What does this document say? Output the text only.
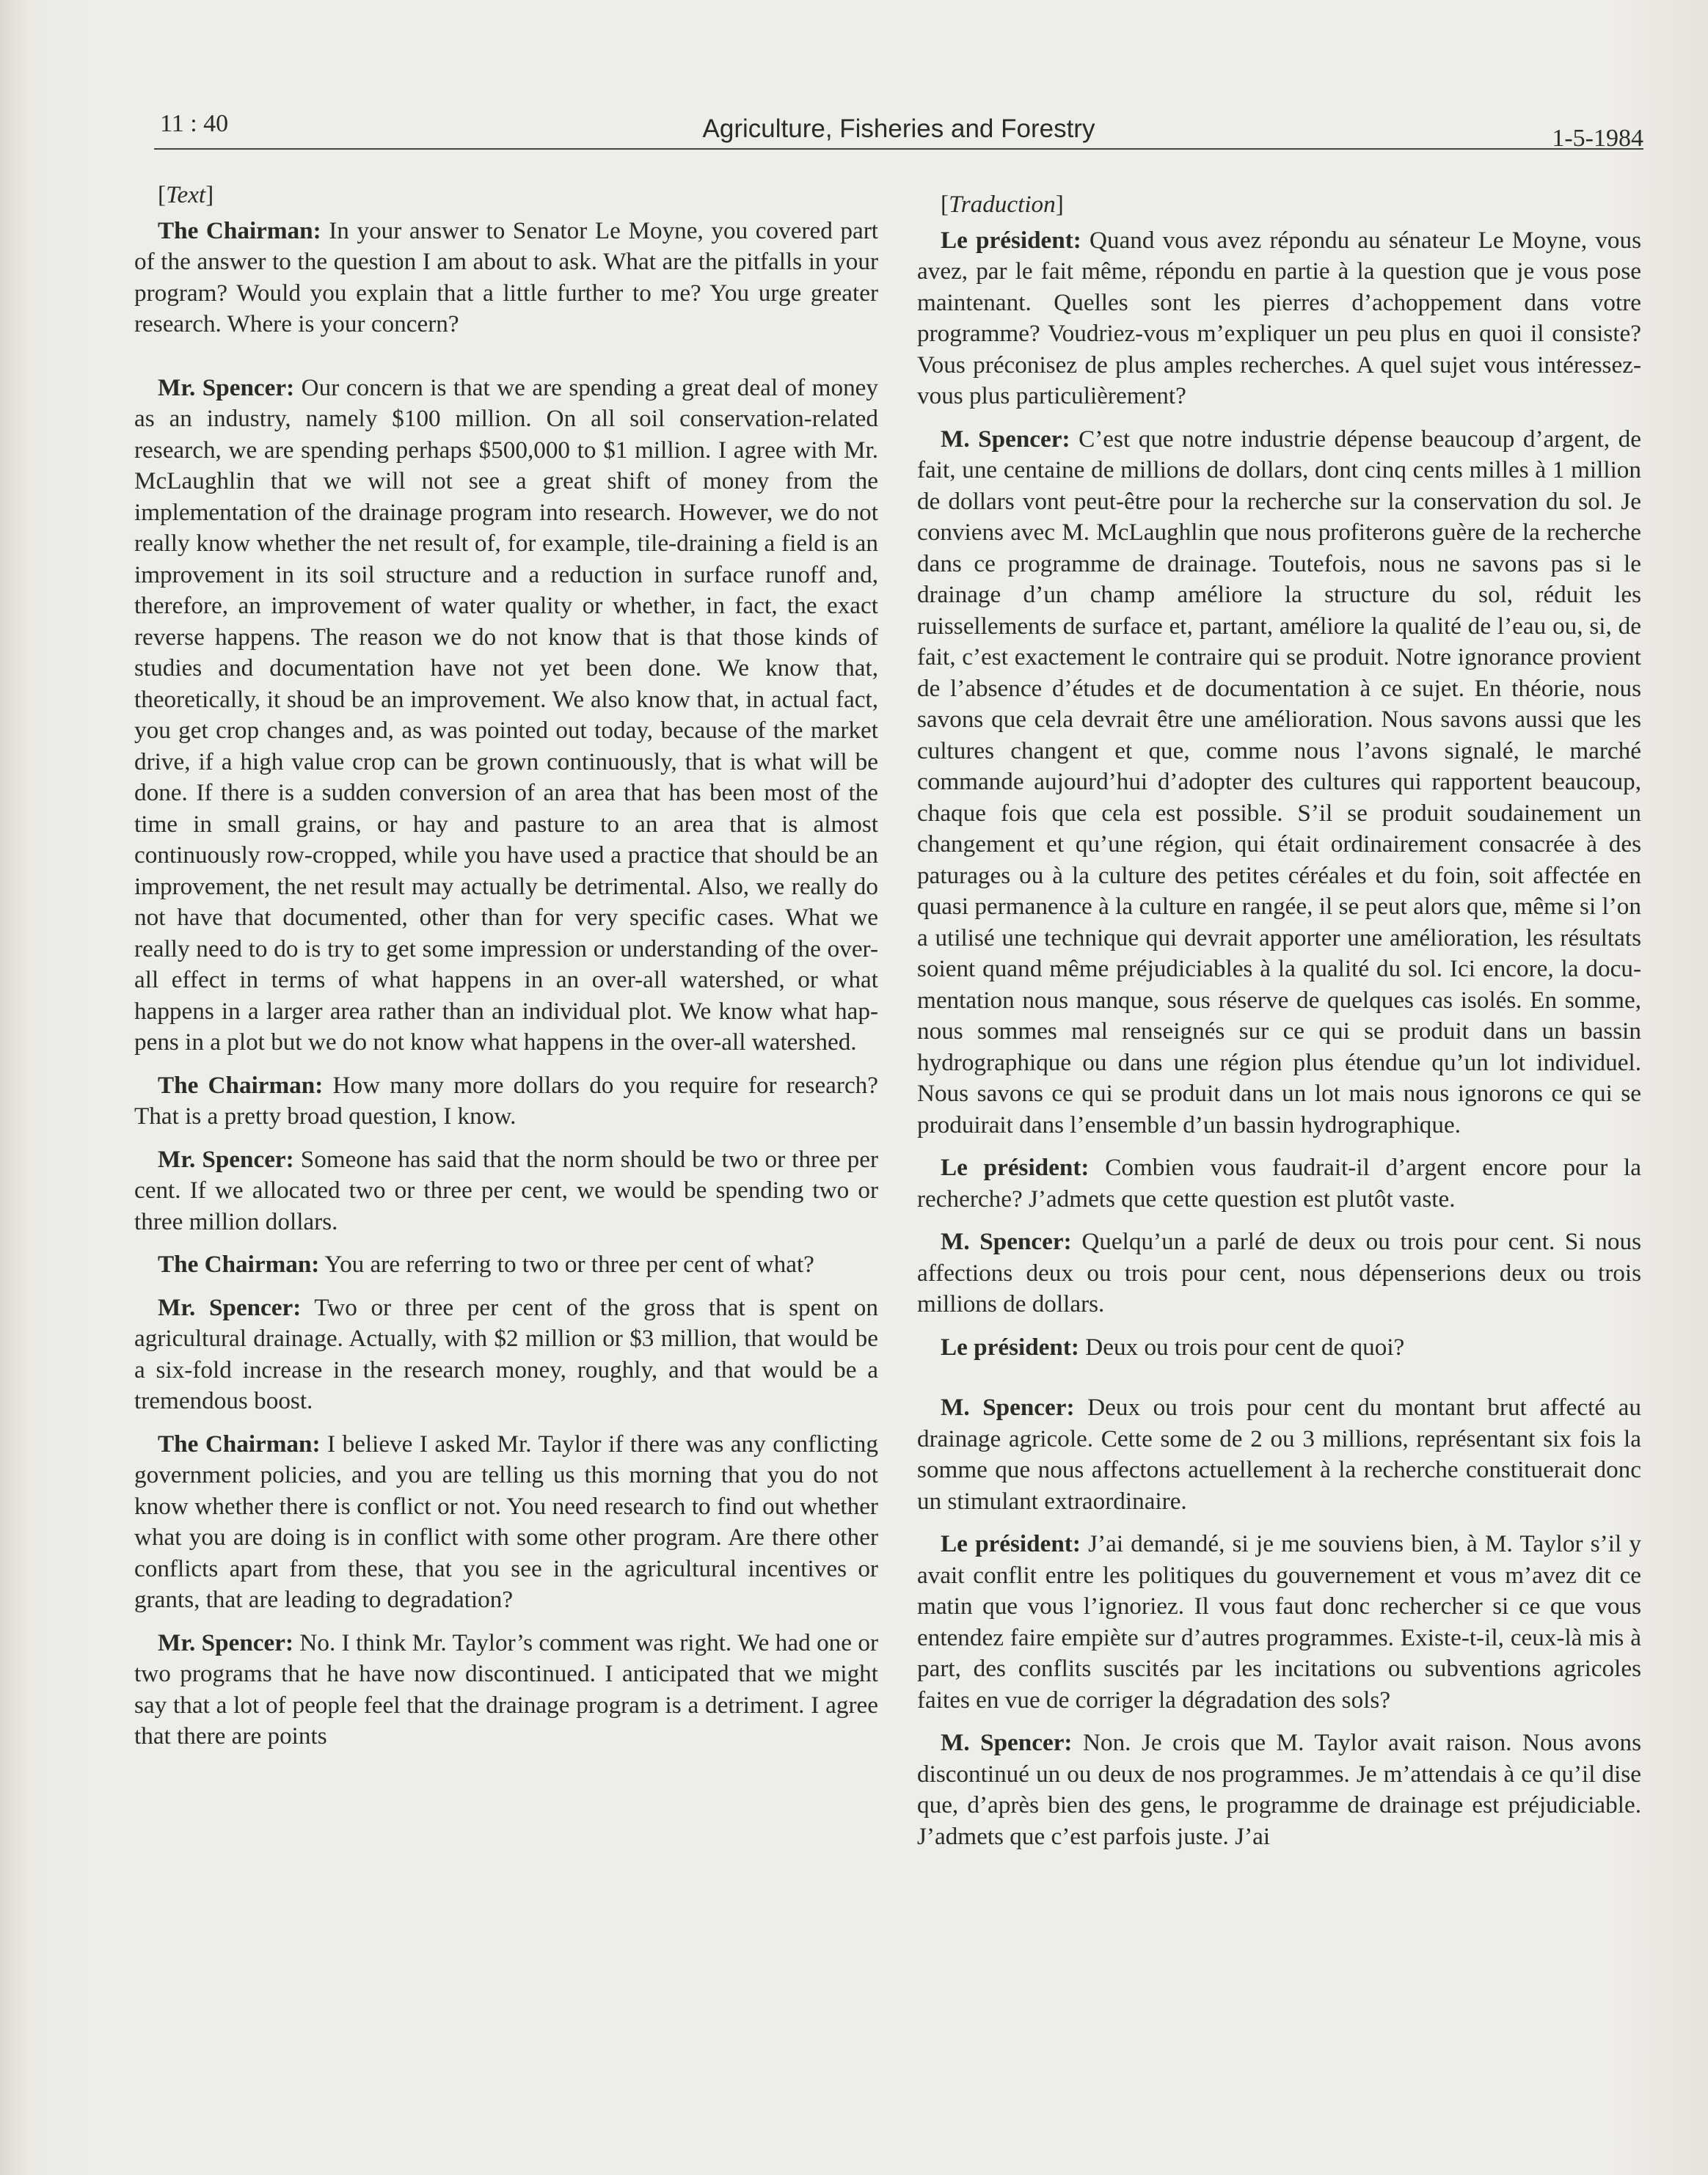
11 : 40	Agriculture, Fisheries and Forestry	1-5-1984
[Text]

The Chairman: In your answer to Senator Le Moyne, you covered part of the answer to the question I am about to ask. What are the pitfalls in your program? Would you explain that a little further to me? You urge greater research. Where is your concern?

Mr. Spencer: Our concern is that we are spending a great deal of money as an industry, namely $100 million. On all soil conservation-related research, we are spending perhaps $500,000 to $1 million. I agree with Mr. McLaughlin that we will not see a great shift of money from the implementation of the drainage program into research. However, we do not really know whether the net result of, for example, tile-draining a field is an improvement in its soil structure and a reduction in surface runoff and, therefore, an improvement of water quality or whether, in fact, the exact reverse happens. The reason we do not know that is that those kinds of studies and documentation have not yet been done. We know that, theoretically, it shoud be an improvement. We also know that, in actual fact, you get crop changes and, as was pointed out today, because of the market drive, if a high value crop can be grown continuously, that is what will be done. If there is a sudden conversion of an area that has been most of the time in small grains, or hay and pasture to an area that is almost continuously row-cropped, while you have used a practice that should be an improvement, the net result may actually be detrimental. Also, we really do not have that documented, other than for very specific cases. What we really need to do is try to get some impression or understanding of the over-all effect in terms of what happens in an over-all watershed, or what happens in a larger area rather than an individual plot. We know what happens in a plot but we do not know what happens in the over-all watershed.

The Chairman: How many more dollars do you require for research? That is a pretty broad question, I know.

Mr. Spencer: Someone has said that the norm should be two or three per cent. If we allocated two or three per cent, we would be spending two or three million dollars.

The Chairman: You are referring to two or three per cent of what?

Mr. Spencer: Two or three per cent of the gross that is spent on agricultural drainage. Actually, with $2 million or $3 million, that would be a six-fold increase in the research money, roughly, and that would be a tremendous boost.

The Chairman: I believe I asked Mr. Taylor if there was any conflicting government policies, and you are telling us this morning that you do not know whether there is conflict or not. You need research to find out whether what you are doing is in conflict with some other program. Are there other conflicts apart from these, that you see in the agricultural incentives or grants, that are leading to degradation?

Mr. Spencer: No. I think Mr. Taylor’s comment was right. We had one or two programs that he have now discontinued. I anticipated that we might say that a lot of people feel that the drainage program is a detriment. I agree that there are points

[Traduction]

Le président: Quand vous avez répondu au sénateur Le Moyne, vous avez, par le fait même, répondu en partie à la question que je vous pose maintenant. Quelles sont les pierres d’achoppement dans votre programme? Voudriez-vous m’expliquer un peu plus en quoi il consiste? Vous préconisez de plus amples recherches. A quel sujet vous intéressez-vous plus particulièrement?

M. Spencer: C’est que notre industrie dépense beaucoup d’argent, de fait, une centaine de millions de dollars, dont cinq cents milles à 1 million de dollars vont peut-être pour la recherche sur la conservation du sol. Je conviens avec M. McLaughlin que nous profiterons guère de la recherche dans ce programme de drainage. Toutefois, nous ne savons pas si le drainage d’un champ améliore la structure du sol, réduit les ruissellements de surface et, partant, améliore la qualité de l’eau ou, si, de fait, c’est exactement le contraire qui se produit. Notre ignorance provient de l’absence d’études et de documentation à ce sujet. En théorie, nous savons que cela devrait être une amélioration. Nous savons aussi que les cultures changent et que, comme nous l’avons signalé, le marché commande aujourd’hui d’adopter des cultures qui rapportent beaucoup, chaque fois que cela est possible. S’il se produit soudainement un changement et qu’une région, qui était ordinairement consacrée à des paturages ou à la culture des petites céréales et du foin, soit affectée en quasi permanence à la culture en rangée, il se peut alors que, même si l’on a utilisé une technique qui devrait apporter une amélioration, les résultats soient quand même préjudiciables à la qualité du sol. Ici encore, la documentation nous manque, sous réserve de quelques cas isolés. En somme, nous sommes mal renseignés sur ce qui se produit dans un bassin hydrographique ou dans une région plus étendue qu’un lot individuel. Nous savons ce qui se produit dans un lot mais nous ignorons ce qui se produirait dans l’ensemble d’un bassin hydrographique.

Le président: Combien vous faudrait-il d’argent encore pour la recherche? J’admets que cette question est plutôt vaste.

M. Spencer: Quelqu’un a parlé de deux ou trois pour cent. Si nous affections deux ou trois pour cent, nous dépenserions deux ou trois millions de dollars.

Le président: Deux ou trois pour cent de quoi?

M. Spencer: Deux ou trois pour cent du montant brut affecté au drainage agricole. Cette some de 2 ou 3 millions, représentant six fois la somme que nous affectons actuellement à la recherche constituerait donc un stimulant extraordinaire.

Le président: J’ai demandé, si je me souviens bien, à M. Taylor s’il y avait conflit entre les politiques du gouvernement et vous m’avez dit ce matin que vous l’ignoriez. Il vous faut donc rechercher si ce que vous entendez faire empiète sur d’autres programmes. Existe-t-il, ceux-là mis à part, des conflits suscités par les incitations ou subventions agricoles faites en vue de corriger la dégradation des sols?

M. Spencer: Non. Je crois que M. Taylor avait raison. Nous avons discontinué un ou deux de nos programmes. Je m’attendais à ce qu’il dise que, d’après bien des gens, le programme de drainage est préjudiciable. J’admets que c’est parfois juste. J’ai
